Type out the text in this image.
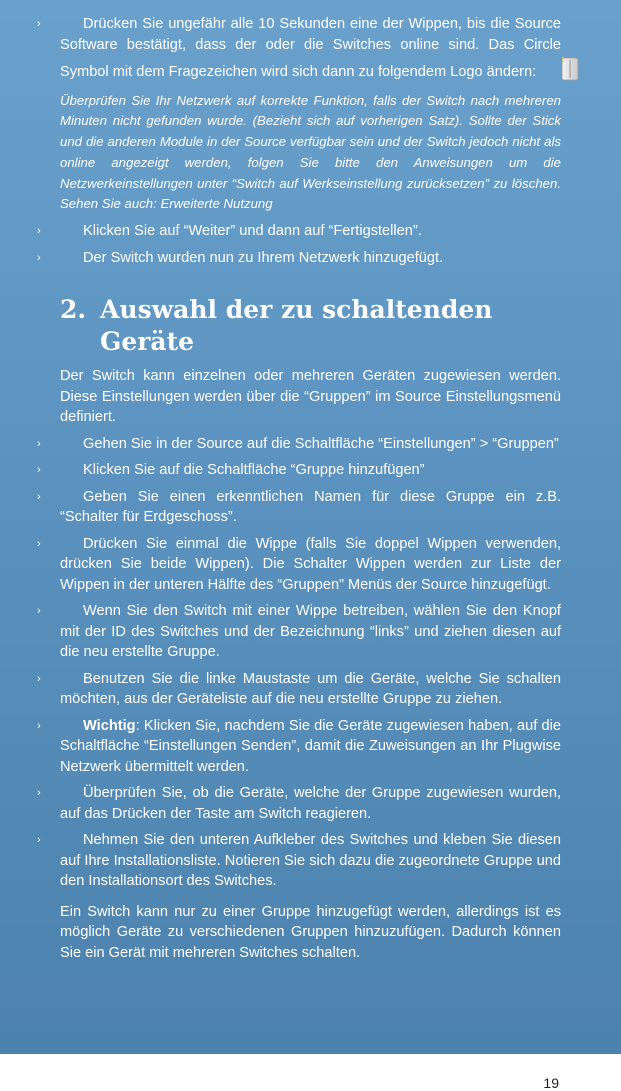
›	Drücken Sie ungefähr alle 10 Sekunden eine der Wippen, bis die Source Software bestätigt, dass der oder die Switches online sind. Das Circle Symbol mit dem Fragezeichen wird sich dann zu folgendem Logo ändern:

Überprüfen Sie Ihr Netzwerk auf korrekte Funktion, falls der Switch nach mehreren Minuten nicht gefunden wurde. (Bezieht sich auf vorherigen Satz). Sollte der Stick und die anderen Module in der Source verfügbar sein und der Switch jedoch nicht als online angezeigt werden, folgen Sie bitte den Anweisungen um die Netzwerkeinstellungen unter “Switch auf Werkseinstellung zurücksetzen” zu löschen. Sehen Sie auch: Erweiterte Nutzung

›	Klicken Sie auf “Weiter” und dann auf “Fertigstellen”.

›	Der Switch wurden nun zu Ihrem Netzwerk hinzugefügt.

2. Auswahl der zu schaltenden Geräte

Der Switch kann einzelnen oder mehreren Geräten zugewiesen werden. Diese Einstellungen werden über die “Gruppen” im Source Einstellungsmenü definiert.

›	Gehen Sie in der Source auf die Schaltfläche “Einstellungen” > “Gruppen”

›	Klicken Sie auf die Schaltfläche “Gruppe hinzufügen”

›	Geben Sie einen erkenntlichen Namen für diese Gruppe ein z.B. “Schalter für Erdgeschoss”.

›	Drücken Sie einmal die Wippe (falls Sie doppel Wippen verwenden, drücken Sie beide Wippen). Die Schalter Wippen werden zur Liste der Wippen in der unteren Hälfte des “Gruppen” Menüs der Source hinzugefügt.

›	Wenn Sie den Switch mit einer Wippe betreiben, wählen Sie den Knopf mit der ID des Switches und der Bezeichnung “links” und ziehen diesen auf die neu erstellte Gruppe.

›	Benutzen Sie die linke Maustaste um die Geräte, welche Sie schalten möchten, aus der Geräteliste auf die neu erstellte Gruppe zu ziehen.

›	Wichtig: Klicken Sie, nachdem Sie die Geräte zugewiesen haben, auf die Schaltfläche “Einstellungen Senden”, damit die Zuweisungen an Ihr Plugwise Netzwerk übermittelt werden.

›	Überprüfen Sie, ob die Geräte, welche der Gruppe zugewiesen wurden, auf das Drücken der Taste am Switch reagieren.

›	Nehmen Sie den unteren Aufkleber des Switches und kleben Sie diesen auf Ihre Installationsliste. Notieren Sie sich dazu die zugeordnete Gruppe und den Installationsort des Switches.

Ein Switch kann nur zu einer Gruppe hinzugefügt werden, allerdings ist es möglich Geräte zu verschiedenen Gruppen hinzuzufügen. Dadurch können Sie ein Gerät mit mehreren Switches schalten.

19
